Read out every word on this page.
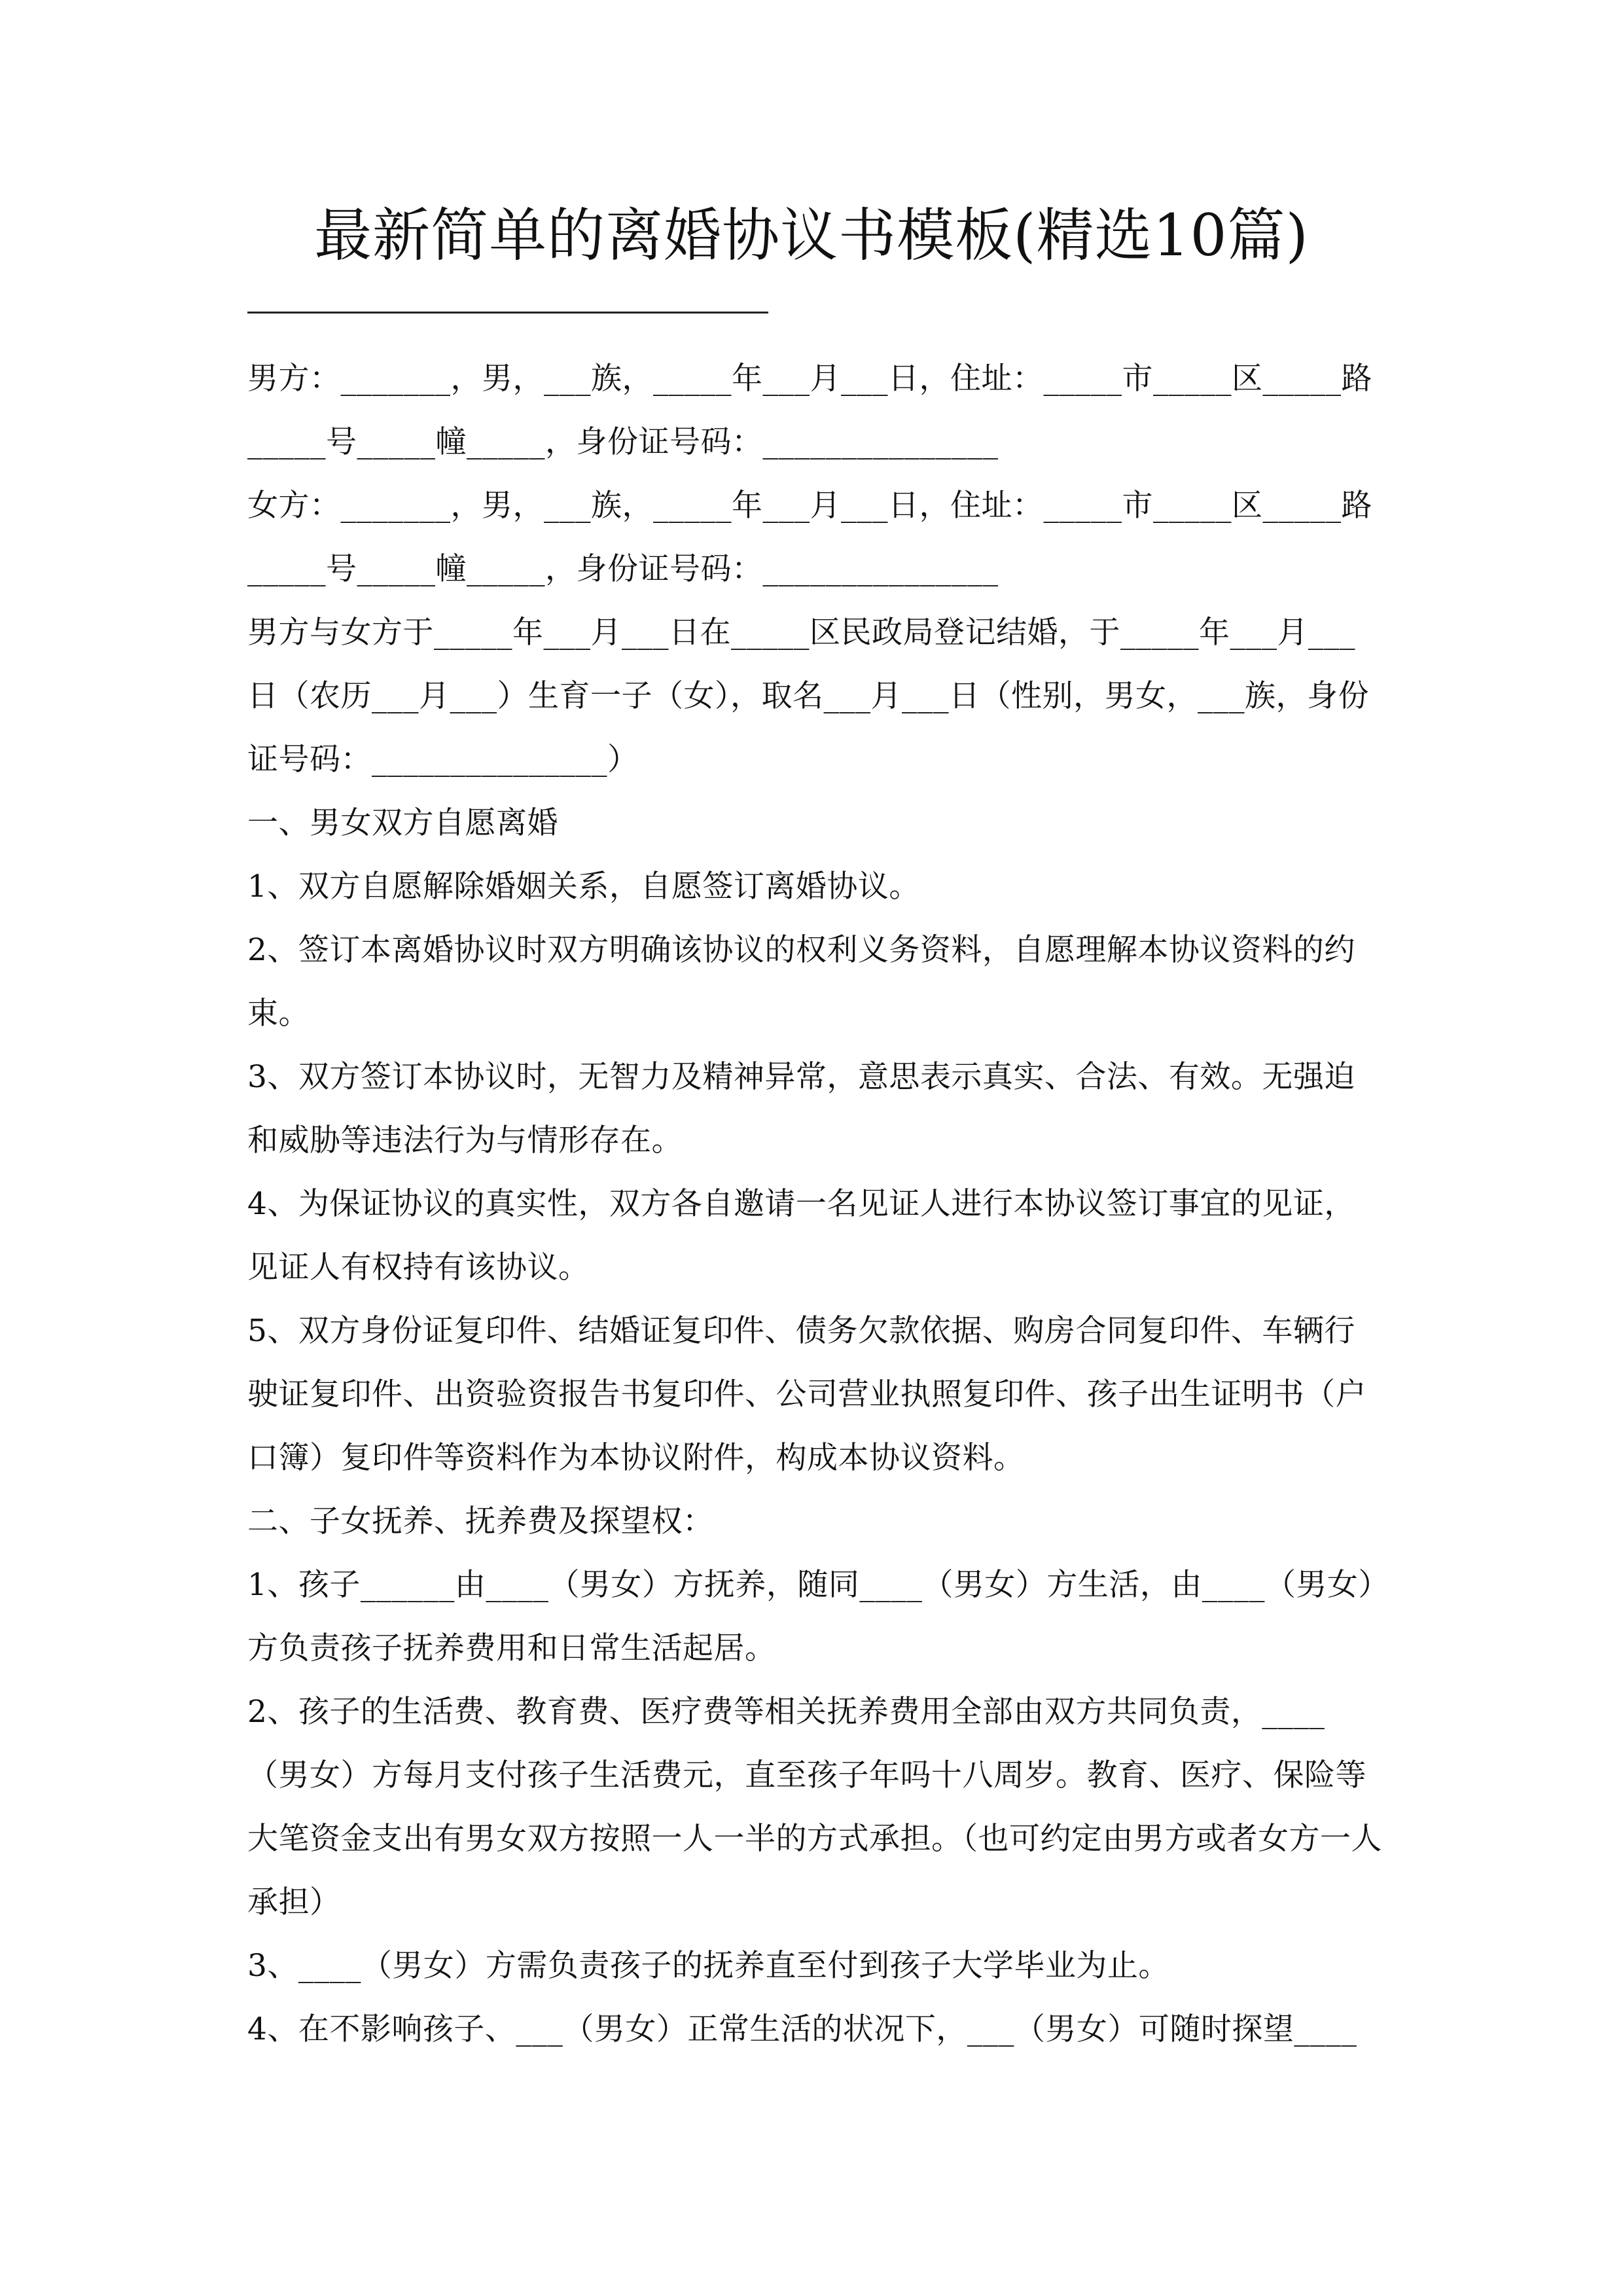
最新简单的离婚协议书模板(精选10篇)

男方：_______，男，___族，_____年___月___日，住址：_____市_____区_____路_____号_____幢_____，身份证号码：_______________

女方：_______，男，___族，_____年___月___日，住址：_____市_____区_____路_____号_____幢_____，身份证号码：_______________

男方与女方于_____年___月___日在_____区民政局登记结婚，于_____年___月___日（农历___月___）生育一子（女），取名___月___日（性别，男女，___族，身份证号码：_______________）

一、男女双方自愿离婚

1、双方自愿解除婚姻关系，自愿签订离婚协议。

2、签订本离婚协议时双方明确该协议的权利义务资料，自愿理解本协议资料的约束。

3、双方签订本协议时，无智力及精神异常，意思表示真实、合法、有效。无强迫和威胁等违法行为与情形存在。

4、为保证协议的真实性，双方各自邀请一名见证人进行本协议签订事宜的见证，见证人有权持有该协议。

5、双方身份证复印件、结婚证复印件、债务欠款依据、购房合同复印件、车辆行驶证复印件、出资验资报告书复印件、公司营业执照复印件、孩子出生证明书（户口簿）复印件等资料作为本协议附件，构成本协议资料。

二、子女抚养、抚养费及探望权：

1、孩子______由____（男女）方抚养，随同____（男女）方生活，由____（男女）方负责孩子抚养费用和日常生活起居。

2、孩子的生活费、教育费、医疗费等相关抚养费用全部由双方共同负责，____（男女）方每月支付孩子生活费元，直至孩子年吗十八周岁。教育、医疗、保险等大笔资金支出有男女双方按照一人一半的方式承担。（也可约定由男方或者女方一人承担）

3、____（男女）方需负责孩子的抚养直至付到孩子大学毕业为止。

4、在不影响孩子、___（男女）正常生活的状况下，___（男女）可随时探望____
